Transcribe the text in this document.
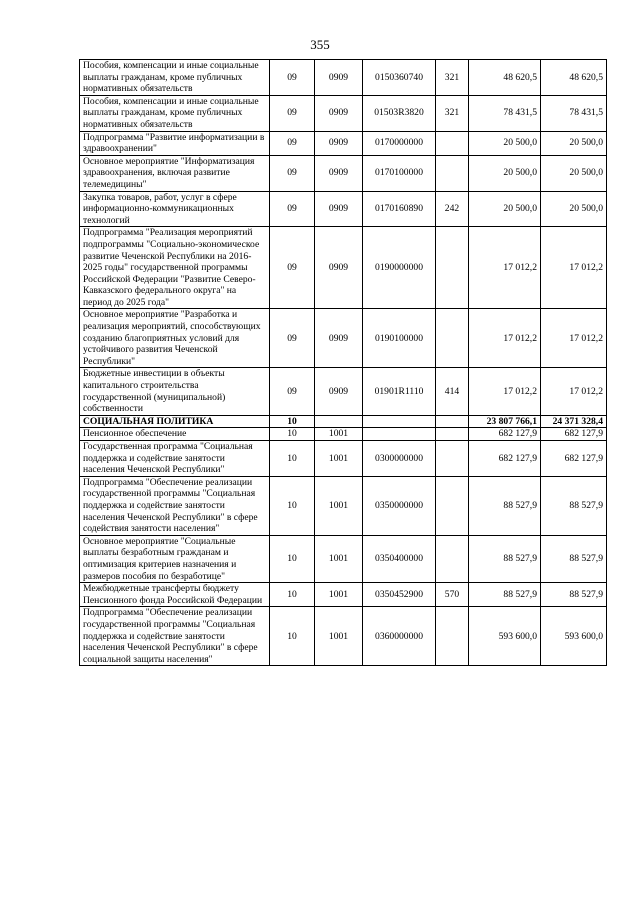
355
Пособия, компенсации и иные социальные выплаты гражданам, кроме публичных нормативных обязательств	09	0909	0150360740	321	48 620,5	48 620,5
Пособия, компенсации и иные социальные выплаты гражданам, кроме публичных нормативных обязательств	09	0909	01503R3820	321	78 431,5	78 431,5
Подпрограмма "Развитие информатизации в здравоохранении"	09	0909	0170000000		20 500,0	20 500,0
Основное мероприятие "Информатизация здравоохранения, включая развитие телемедицины"	09	0909	0170100000		20 500,0	20 500,0
Закупка товаров, работ, услуг в сфере информационно-коммуникационных технологий	09	0909	0170160890	242	20 500,0	20 500,0
Подпрограмма "Реализация мероприятий подпрограммы "Социально-экономическое развитие Чеченской Республики на 2016-2025 годы" государственной программы Российской Федерации "Развитие Северо-Кавказского федерального округа" на период до 2025 года"	09	0909	0190000000		17 012,2	17 012,2
Основное мероприятие "Разработка и реализация мероприятий, способствующих созданию благоприятных условий для устойчивого развития Чеченской Республики"	09	0909	0190100000		17 012,2	17 012,2
Бюджетные инвестиции в объекты капитального строительства государственной (муниципальной) собственности	09	0909	01901R1110	414	17 012,2	17 012,2
СОЦИАЛЬНАЯ ПОЛИТИКА	10				23 807 766,1	24 371 328,4
Пенсионное обеспечение	10	1001			682 127,9	682 127,9
Государственная программа "Социальная поддержка и содействие занятости населения Чеченской Республики"	10	1001	0300000000		682 127,9	682 127,9
Подпрограмма "Обеспечение реализации государственной программы "Социальная поддержка и содействие занятости населения Чеченской Республики" в сфере содействия занятости населения"	10	1001	0350000000		88 527,9	88 527,9
Основное мероприятие "Социальные выплаты безработным гражданам и оптимизация критериев назначения и размеров пособия по безработице"	10	1001	0350400000		88 527,9	88 527,9
Межбюджетные трансферты бюджету Пенсионного фонда Российской Федерации	10	1001	0350452900	570	88 527,9	88 527,9
Подпрограмма "Обеспечение реализации государственной программы "Социальная поддержка и содействие занятости населения Чеченской Республики" в сфере социальной защиты населения"	10	1001	0360000000		593 600,0	593 600,0
